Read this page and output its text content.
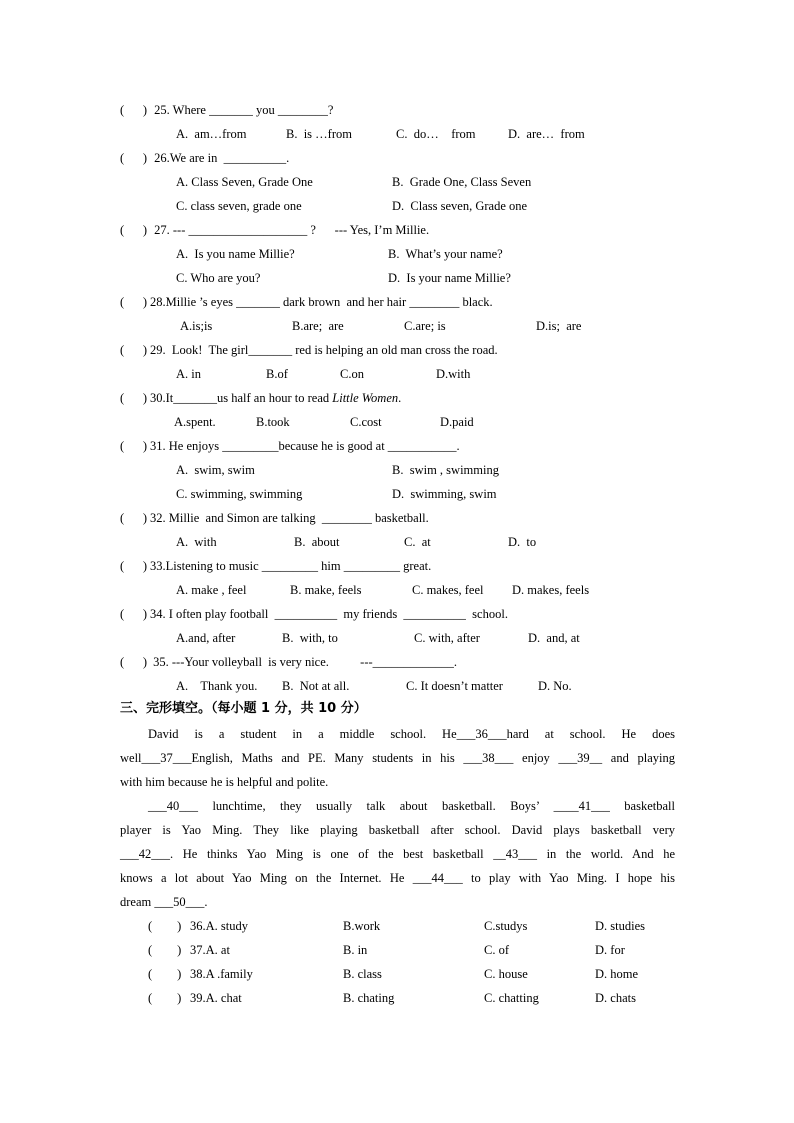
(      ) 25. Where _______ you ________?
A.  am…from	B.  is …from	C.  do…    from	D.  are…  from
(      ) 26.We are in  __________.
A. Class Seven, Grade One	B.  Grade One, Class Seven
C. class seven, grade one	D.  Class seven, Grade one
(      ) 27. --- ___________________ ?      --- Yes, I’m Millie.
A.  Is you name Millie?	B.  What’s your name?
C. Who are you?	D.  Is your name Millie?
(      ) 28.Millie ’s eyes _______ dark brown  and her hair ________ black.
A.is;is	B.are;  are	C.are; is	D.is;  are
(      ) 29.  Look!  The girl_______ red is helping an old man cross the road.
A. in	B.of	C.on	D.with
(      ) 30.It_______us half an hour to read Little Women.
A.spent.	B.took	C.cost	D.paid
(      ) 31. He enjoys _________because he is good at ___________.
A.  swim, swim	B.  swim , swimming
C. swimming, swimming	D.  swimming, swim
(      ) 32. Millie  and Simon are talking  ________ basketball.
A.  with	B.  about	C.  at	D.  to
(      ) 33.Listening to music _________ him _________ great.
A. make , feel	B. make, feels	C. makes, feel D. makes, feels
(      ) 34. I often play football  __________  my friends  __________  school.
A.and, after	B.  with, to	C. with, after	D.  and, at
(      ) 35. ---Your volleyball  is very nice.          ---_____________.
A.    Thank you. B.  Not at all.	C. It doesn’t matter	D. No.
三、完形填空。（每小题 1 分，共 10 分）
David is a student in a middle school. He___36___hard at school. He does
well___37___English, Maths and PE. Many students in his ___38___ enjoy ___39__ and playing
with him because he is helpful and polite.
___40___ lunchtime, they usually talk about basketball. Boys’ ____41___ basketball
player is Yao Ming. They like playing basketball after school. David plays basketball very
___42___. He thinks Yao Ming is one of the best basketball __43___ in the world. And he
knows a lot about Yao Ming on the Internet. He ___44___ to play with Yao Ming. I hope his
dream ___50___.
(        ) 36.A. study	B.work	C.studys	D. studies
(        ) 37.A. at	B. in	C. of	D. for
(        ) 38.A .family	B. class	C. house	D. home
(        ) 39.A. chat	B. chating	C. chatting	D. chats
